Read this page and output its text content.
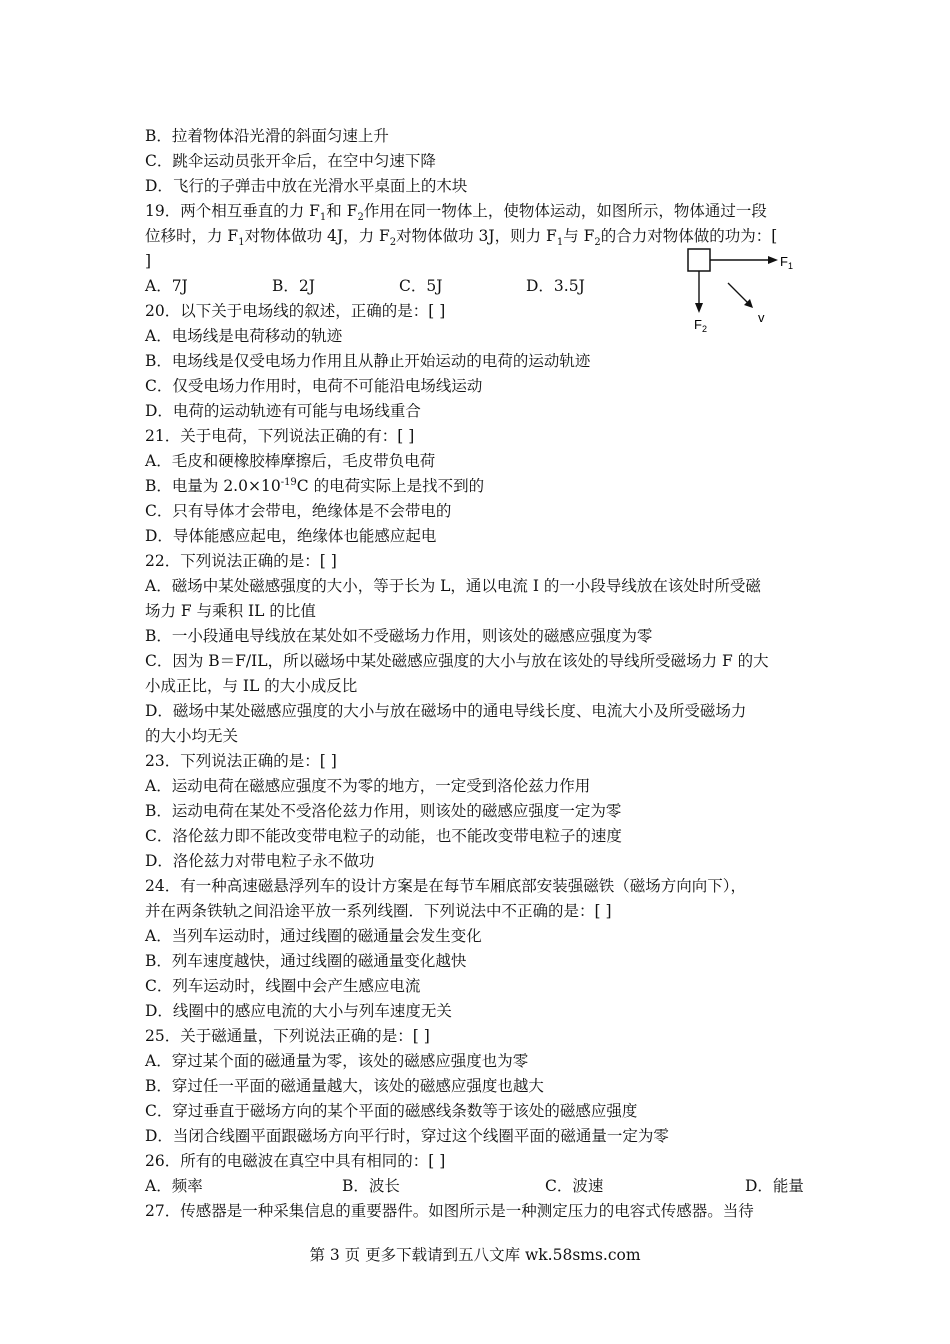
B．拉着物体沿光滑的斜面匀速上升
C．跳伞运动员张开伞后，在空中匀速下降
D．飞行的子弹击中放在光滑水平桌面上的木块
19．两个相互垂直的力 $F_1$和 $F_2$作用在同一物体上，使物体运动，如图所示，物体通过一段
位移时，力 $F_1$对物体做功 4J，力 $F_2$对物体做功 3J，则力 $F_1$与 $F_2$的合力对物体做的功为：[
]
A．7J	B．2J	C．5J	D．3.5J
$F_1$
$F_2$
v
20．以下关于电场线的叙述，正确的是：[ ]
A．电场线是电荷移动的轨迹
B．电场线是仅受电场力作用且从静止开始运动的电荷的运动轨迹
C．仅受电场力作用时，电荷不可能沿电场线运动
D．电荷的运动轨迹有可能与电场线重合
21．关于电荷，下列说法正确的有：[ ]
A．毛皮和硬橡胶棒摩擦后，毛皮带负电荷
B．电量为 $2.0\times 10^{-19}C$ 的电荷实际上是找不到的
C．只有导体才会带电，绝缘体是不会带电的
D．导体能感应起电，绝缘体也能感应起电
22．下列说法正确的是：[ ]
A．磁场中某处磁感强度的大小，等于长为 L，通以电流 I 的一小段导线放在该处时所受磁
场力 F 与乘积 IL 的比值
B．一小段通电导线放在某处如不受磁场力作用，则该处的磁感应强度为零
C．因为 B＝F/IL，所以磁场中某处磁感应强度的大小与放在该处的导线所受磁场力 F 的大
小成正比，与 IL 的大小成反比
D．磁场中某处磁感应强度的大小与放在磁场中的通电导线长度、电流大小及所受磁场力
的大小均无关
23．下列说法正确的是：[ ]
A．运动电荷在磁感应强度不为零的地方，一定受到洛伦兹力作用
B．运动电荷在某处不受洛伦兹力作用，则该处的磁感应强度一定为零
C．洛伦兹力即不能改变带电粒子的动能，也不能改变带电粒子的速度
D．洛伦兹力对带电粒子永不做功
24．有一种高速磁悬浮列车的设计方案是在每节车厢底部安装强磁铁（磁场方向向下），
并在两条铁轨之间沿途平放一系列线圈．下列说法中不正确的是：[ ]
A．当列车运动时，通过线圈的磁通量会发生变化
B．列车速度越快，通过线圈的磁通量变化越快
C．列车运动时，线圈中会产生感应电流
D．线圈中的感应电流的大小与列车速度无关
25．关于磁通量，下列说法正确的是：[ ]
A．穿过某个面的磁通量为零，该处的磁感应强度也为零
B．穿过任一平面的磁通量越大，该处的磁感应强度也越大
C．穿过垂直于磁场方向的某个平面的磁感线条数等于该处的磁感应强度
D．当闭合线圈平面跟磁场方向平行时，穿过这个线圈平面的磁通量一定为零
26．所有的电磁波在真空中具有相同的：[ ]
A．频率	B．波长	C．波速	D．能量
27．传感器是一种采集信息的重要器件。如图所示是一种测定压力的电容式传感器。当待
第 3 页 更多下载请到五八文库 wk.58sms.com
